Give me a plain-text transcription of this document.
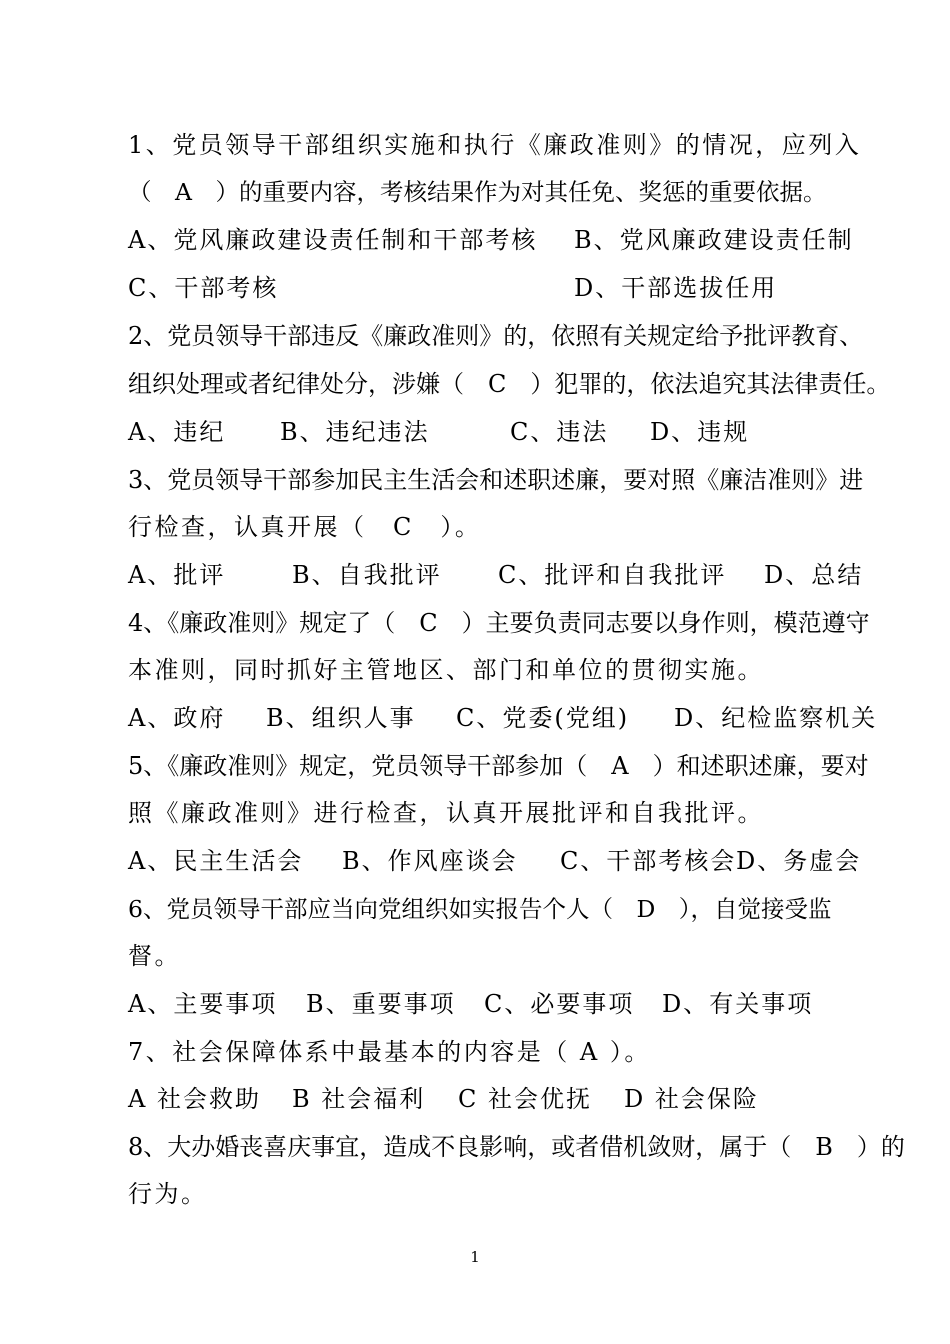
1、党员领导干部组织实施和执行《廉政准则》的情况，应列入
（　A　）的重要内容，考核结果作为对其任免、奖惩的重要依据。
A、党风廉政建设责任制和干部考核 B、党风廉政建设责任制
C、干部考核	D、干部选拔任用
2、党员领导干部违反《廉政准则》的，依照有关规定给予批评教育、
组织处理或者纪律处分，涉嫌（　C　）犯罪的，依法追究其法律责任。
A、违纪 B、违纪违法	C、违法 D、违规
3、党员领导干部参加民主生活会和述职述廉，要对照《廉洁准则》进
行检查，认真开展（　C　）。
A、批评	B、自我批评 C、批评和自我批评 D、总结
4、《廉政准则》规定了（　C　）主要负责同志要以身作则，模范遵守
本准则，同时抓好主管地区、部门和单位的贯彻实施。
A、政府 B、组织人事 C、党委(党组) D、纪检监察机关
5、《廉政准则》规定，党员领导干部参加（　A　）和述职述廉，要对
照《廉政准则》进行检查，认真开展批评和自我批评。
A、民主生活会 B、作风座谈会 C、干部考核会 D、务虚会
6、党员领导干部应当向党组织如实报告个人（　D　），自觉接受监
督。
A、主要事项 B、重要事项 C、必要事项 D、有关事项
7、社会保障体系中最基本的内容是（ A ）。
A 社会救助 B 社会福利 C 社会优抚 D 社会保险
8、大办婚丧喜庆事宜，造成不良影响，或者借机敛财，属于（　B　）的
行为。
1
